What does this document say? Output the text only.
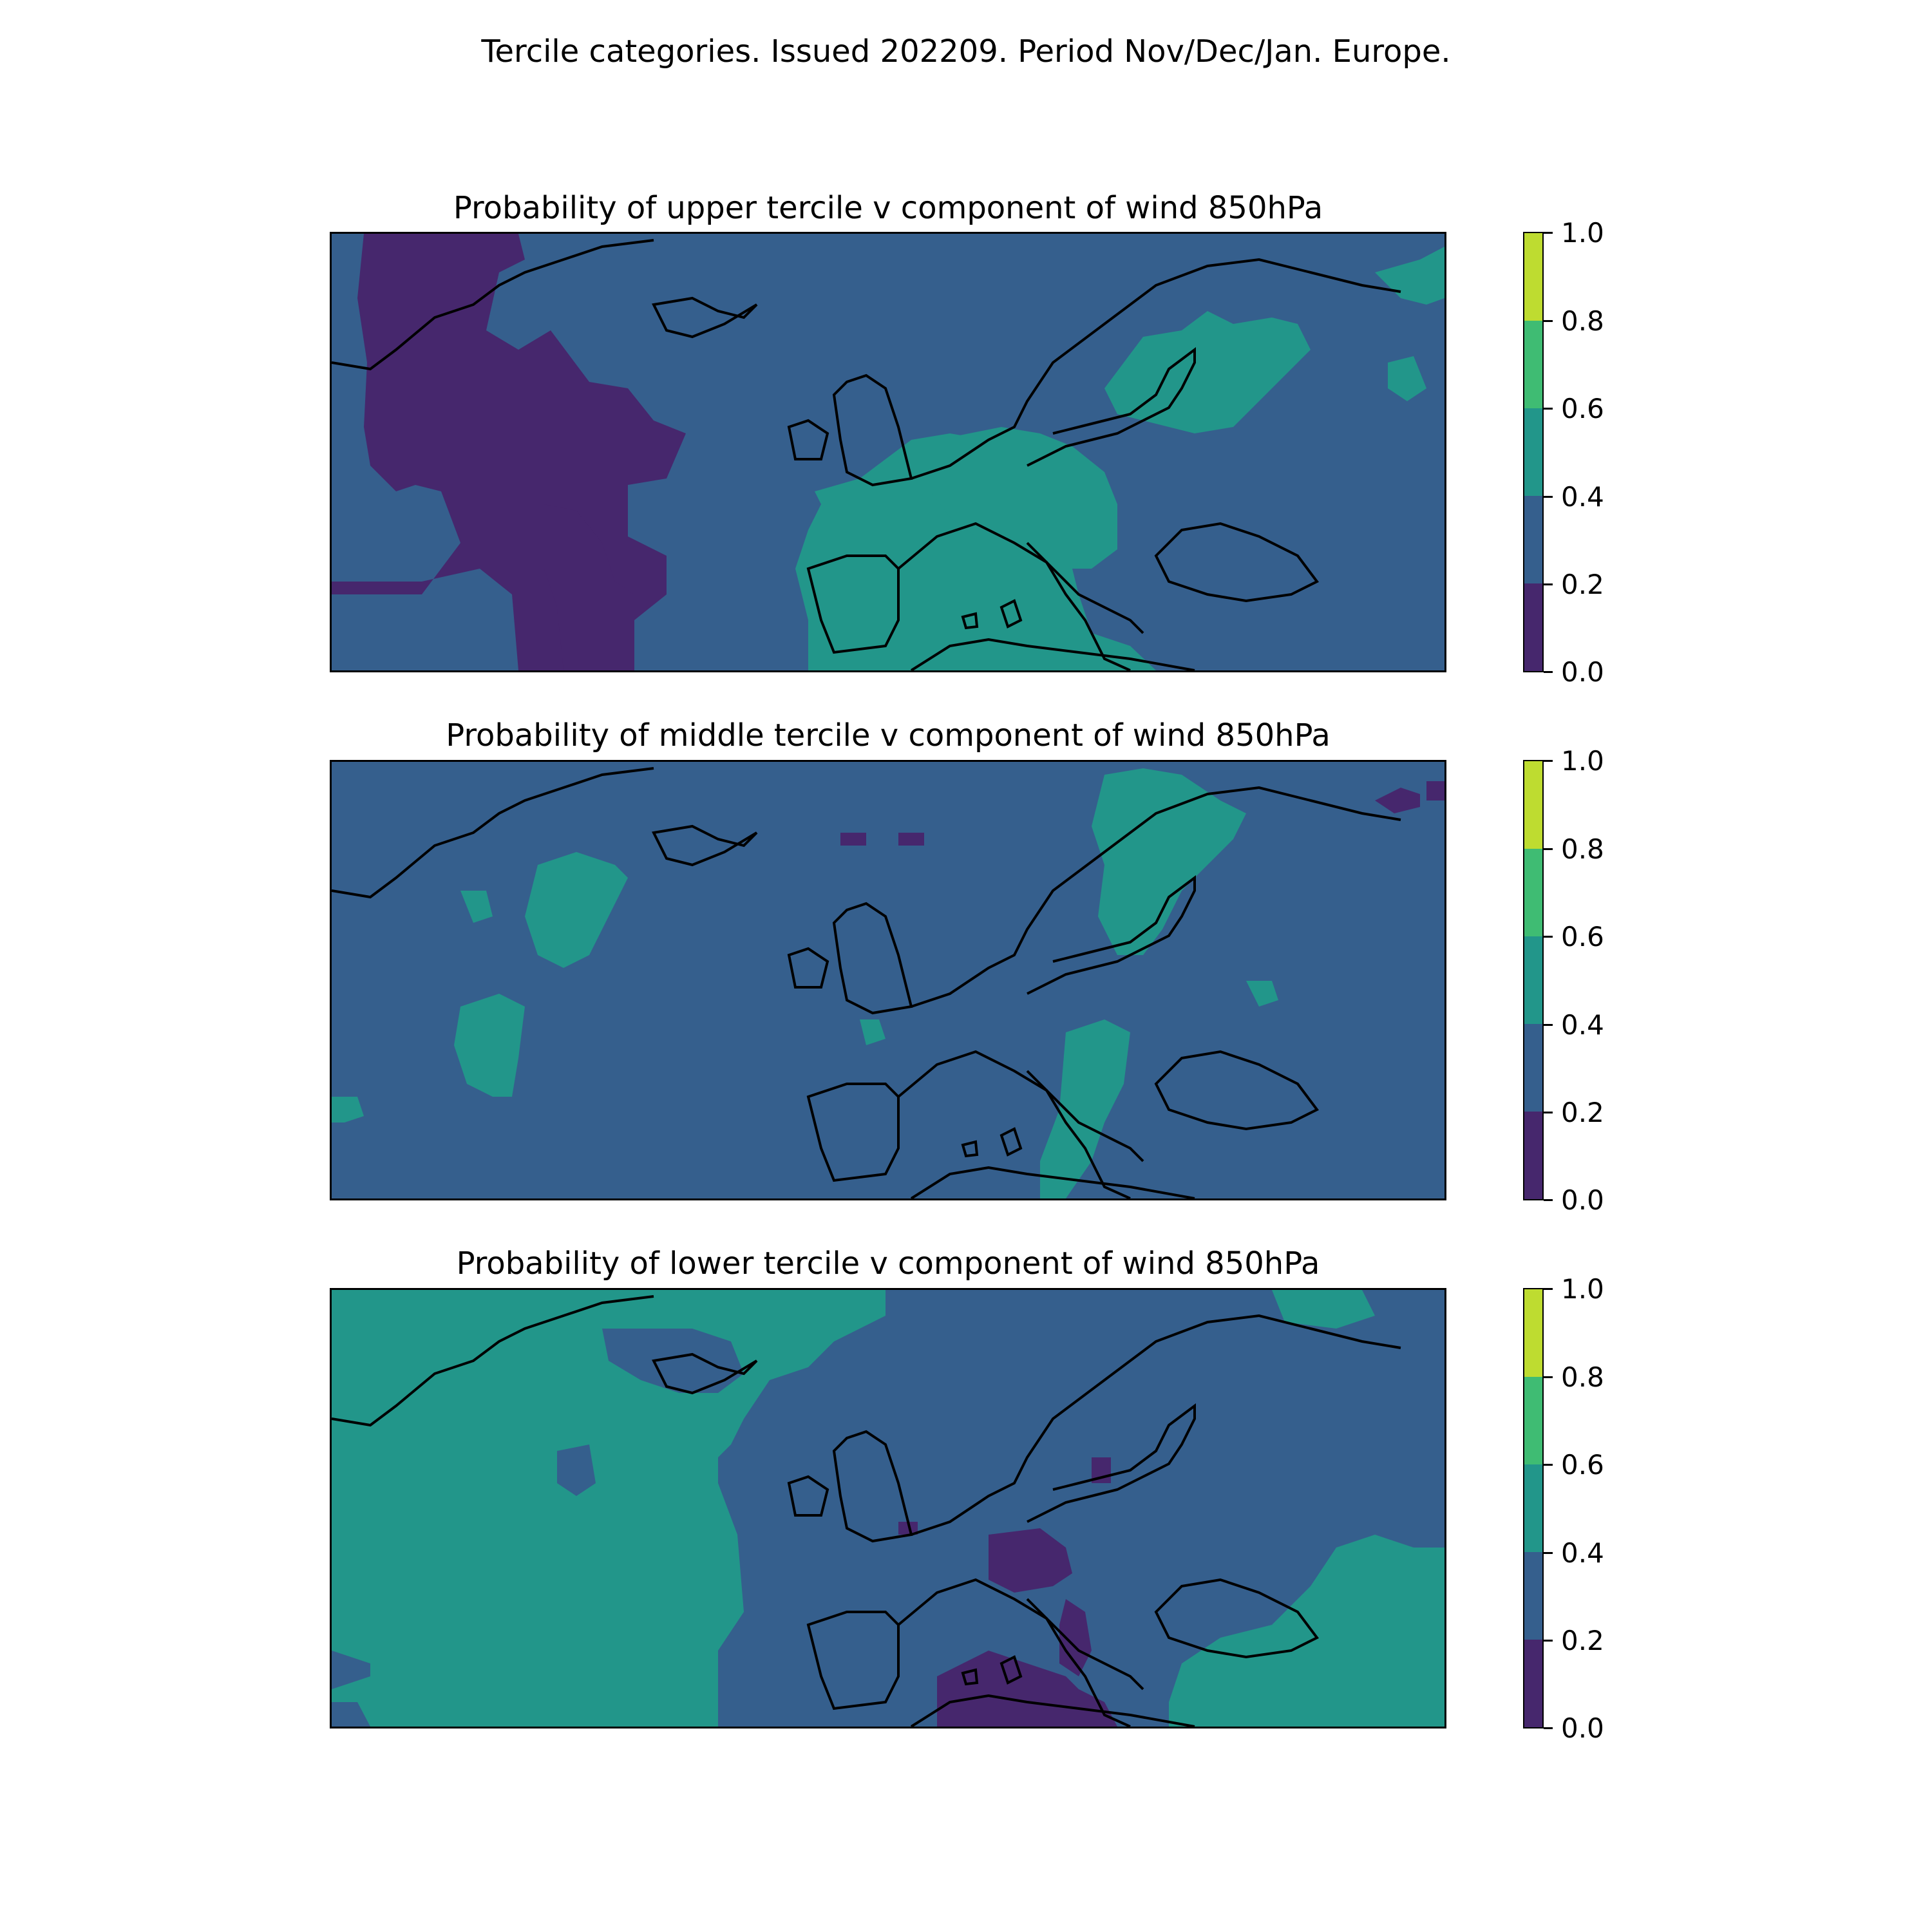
Tercile categories. Issued 202209. Period Nov/Dec/Jan. Europe.
Probability of upper tercile v component of wind 850hPa
0.0
0.2
0.4
0.6
0.8
1.0
Probability of middle tercile v component of wind 850hPa
0.0
0.2
0.4
0.6
0.8
1.0
Probability of lower tercile v component of wind 850hPa
0.0
0.2
0.4
0.6
0.8
1.0
